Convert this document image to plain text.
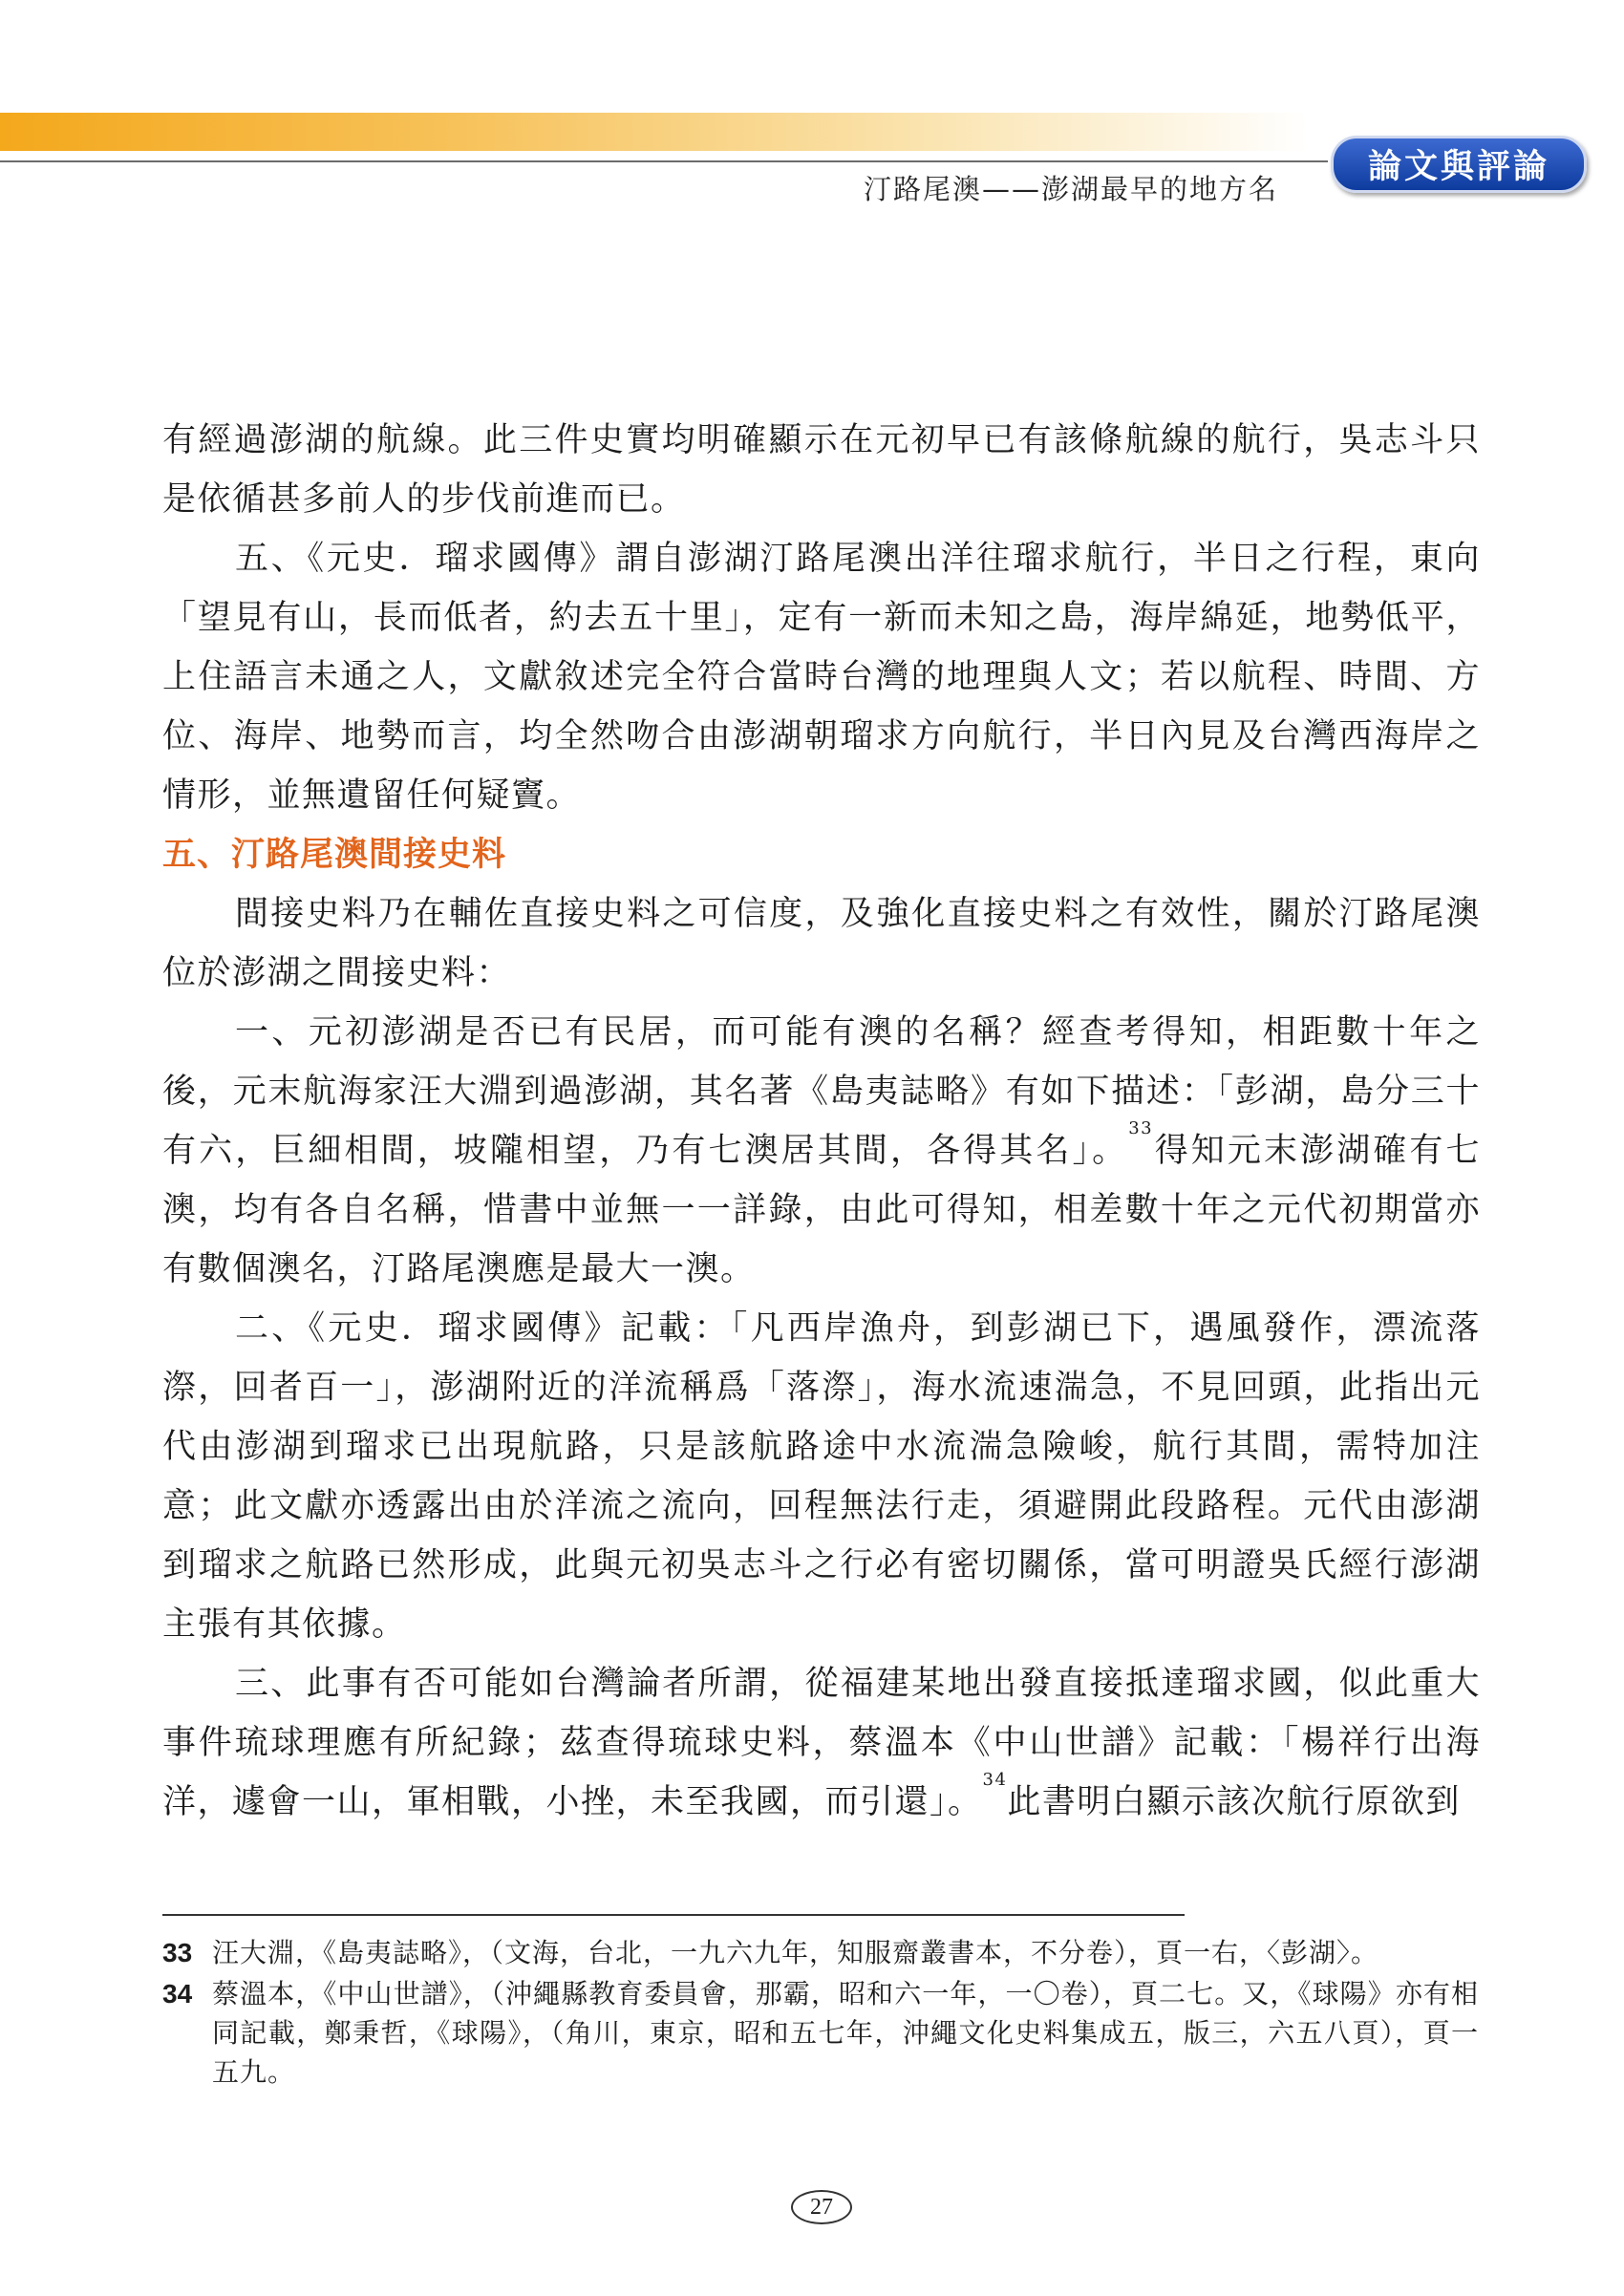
汀路尾澳——澎湖最早的地方名
論文與評論

有經過澎湖的航線。此三件史實均明確顯示在元初早已有該條航線的航行，吳志斗只是依循甚多前人的步伐前進而已。

五、《元史．瑠求國傳》謂自澎湖汀路尾澳出洋往瑠求航行，半日之行程，東向「望見有山，長而低者，約去五十里」，定有一新而未知之島，海岸綿延，地勢低平，上住語言未通之人，文獻敘述完全符合當時台灣的地理與人文；若以航程、時間、方位、海岸、地勢而言，均全然吻合由澎湖朝瑠求方向航行，半日內見及台灣西海岸之情形，並無遺留任何疑竇。

五、汀路尾澳間接史料

間接史料乃在輔佐直接史料之可信度，及強化直接史料之有效性，關於汀路尾澳位於澎湖之間接史料：

一、元初澎湖是否已有民居，而可能有澳的名稱？經查考得知，相距數十年之後，元末航海家汪大淵到過澎湖，其名著《島夷誌略》有如下描述：「彭湖，島分三十有六，巨細相間，坡隴相望，乃有七澳居其間，各得其名」。$^{33}$得知元末澎湖確有七澳，均有各自名稱，惜書中並無一一詳錄，由此可得知，相差數十年之元代初期當亦有數個澳名，汀路尾澳應是最大一澳。

二、《元史．瑠求國傳》記載：「凡西岸漁舟，到彭湖已下，遇風發作，漂流落漈，回者百一」，澎湖附近的洋流稱爲「落漈」，海水流速湍急，不見回頭，此指出元代由澎湖到瑠求已出現航路，只是該航路途中水流湍急險峻，航行其間，需特加注意；此文獻亦透露出由於洋流之流向，回程無法行走，須避開此段路程。元代由澎湖到瑠求之航路已然形成，此與元初吳志斗之行必有密切關係，當可明證吳氏經行澎湖主張有其依據。

三、此事有否可能如台灣論者所謂，從福建某地出發直接抵達瑠求國，似此重大事件琉球理應有所紀錄；茲查得琉球史料，蔡溫本《中山世譜》記載：「楊祥行出海洋，遽會一山，軍相戰，小挫，未至我國，而引還」。$^{34}$此書明白顯示該次航行原欲到

33 汪大淵，《島夷誌略》，（文海，台北，一九六九年，知服齋叢書本，不分卷），頁一右，〈彭湖〉。
34 蔡溫本，《中山世譜》，（沖繩縣教育委員會，那霸，昭和六一年，一〇卷），頁二七。又，《球陽》亦有相同記載，鄭秉哲，《球陽》，（角川，東京，昭和五七年，沖繩文化史料集成五，版三，六五八頁），頁一五九。
27
